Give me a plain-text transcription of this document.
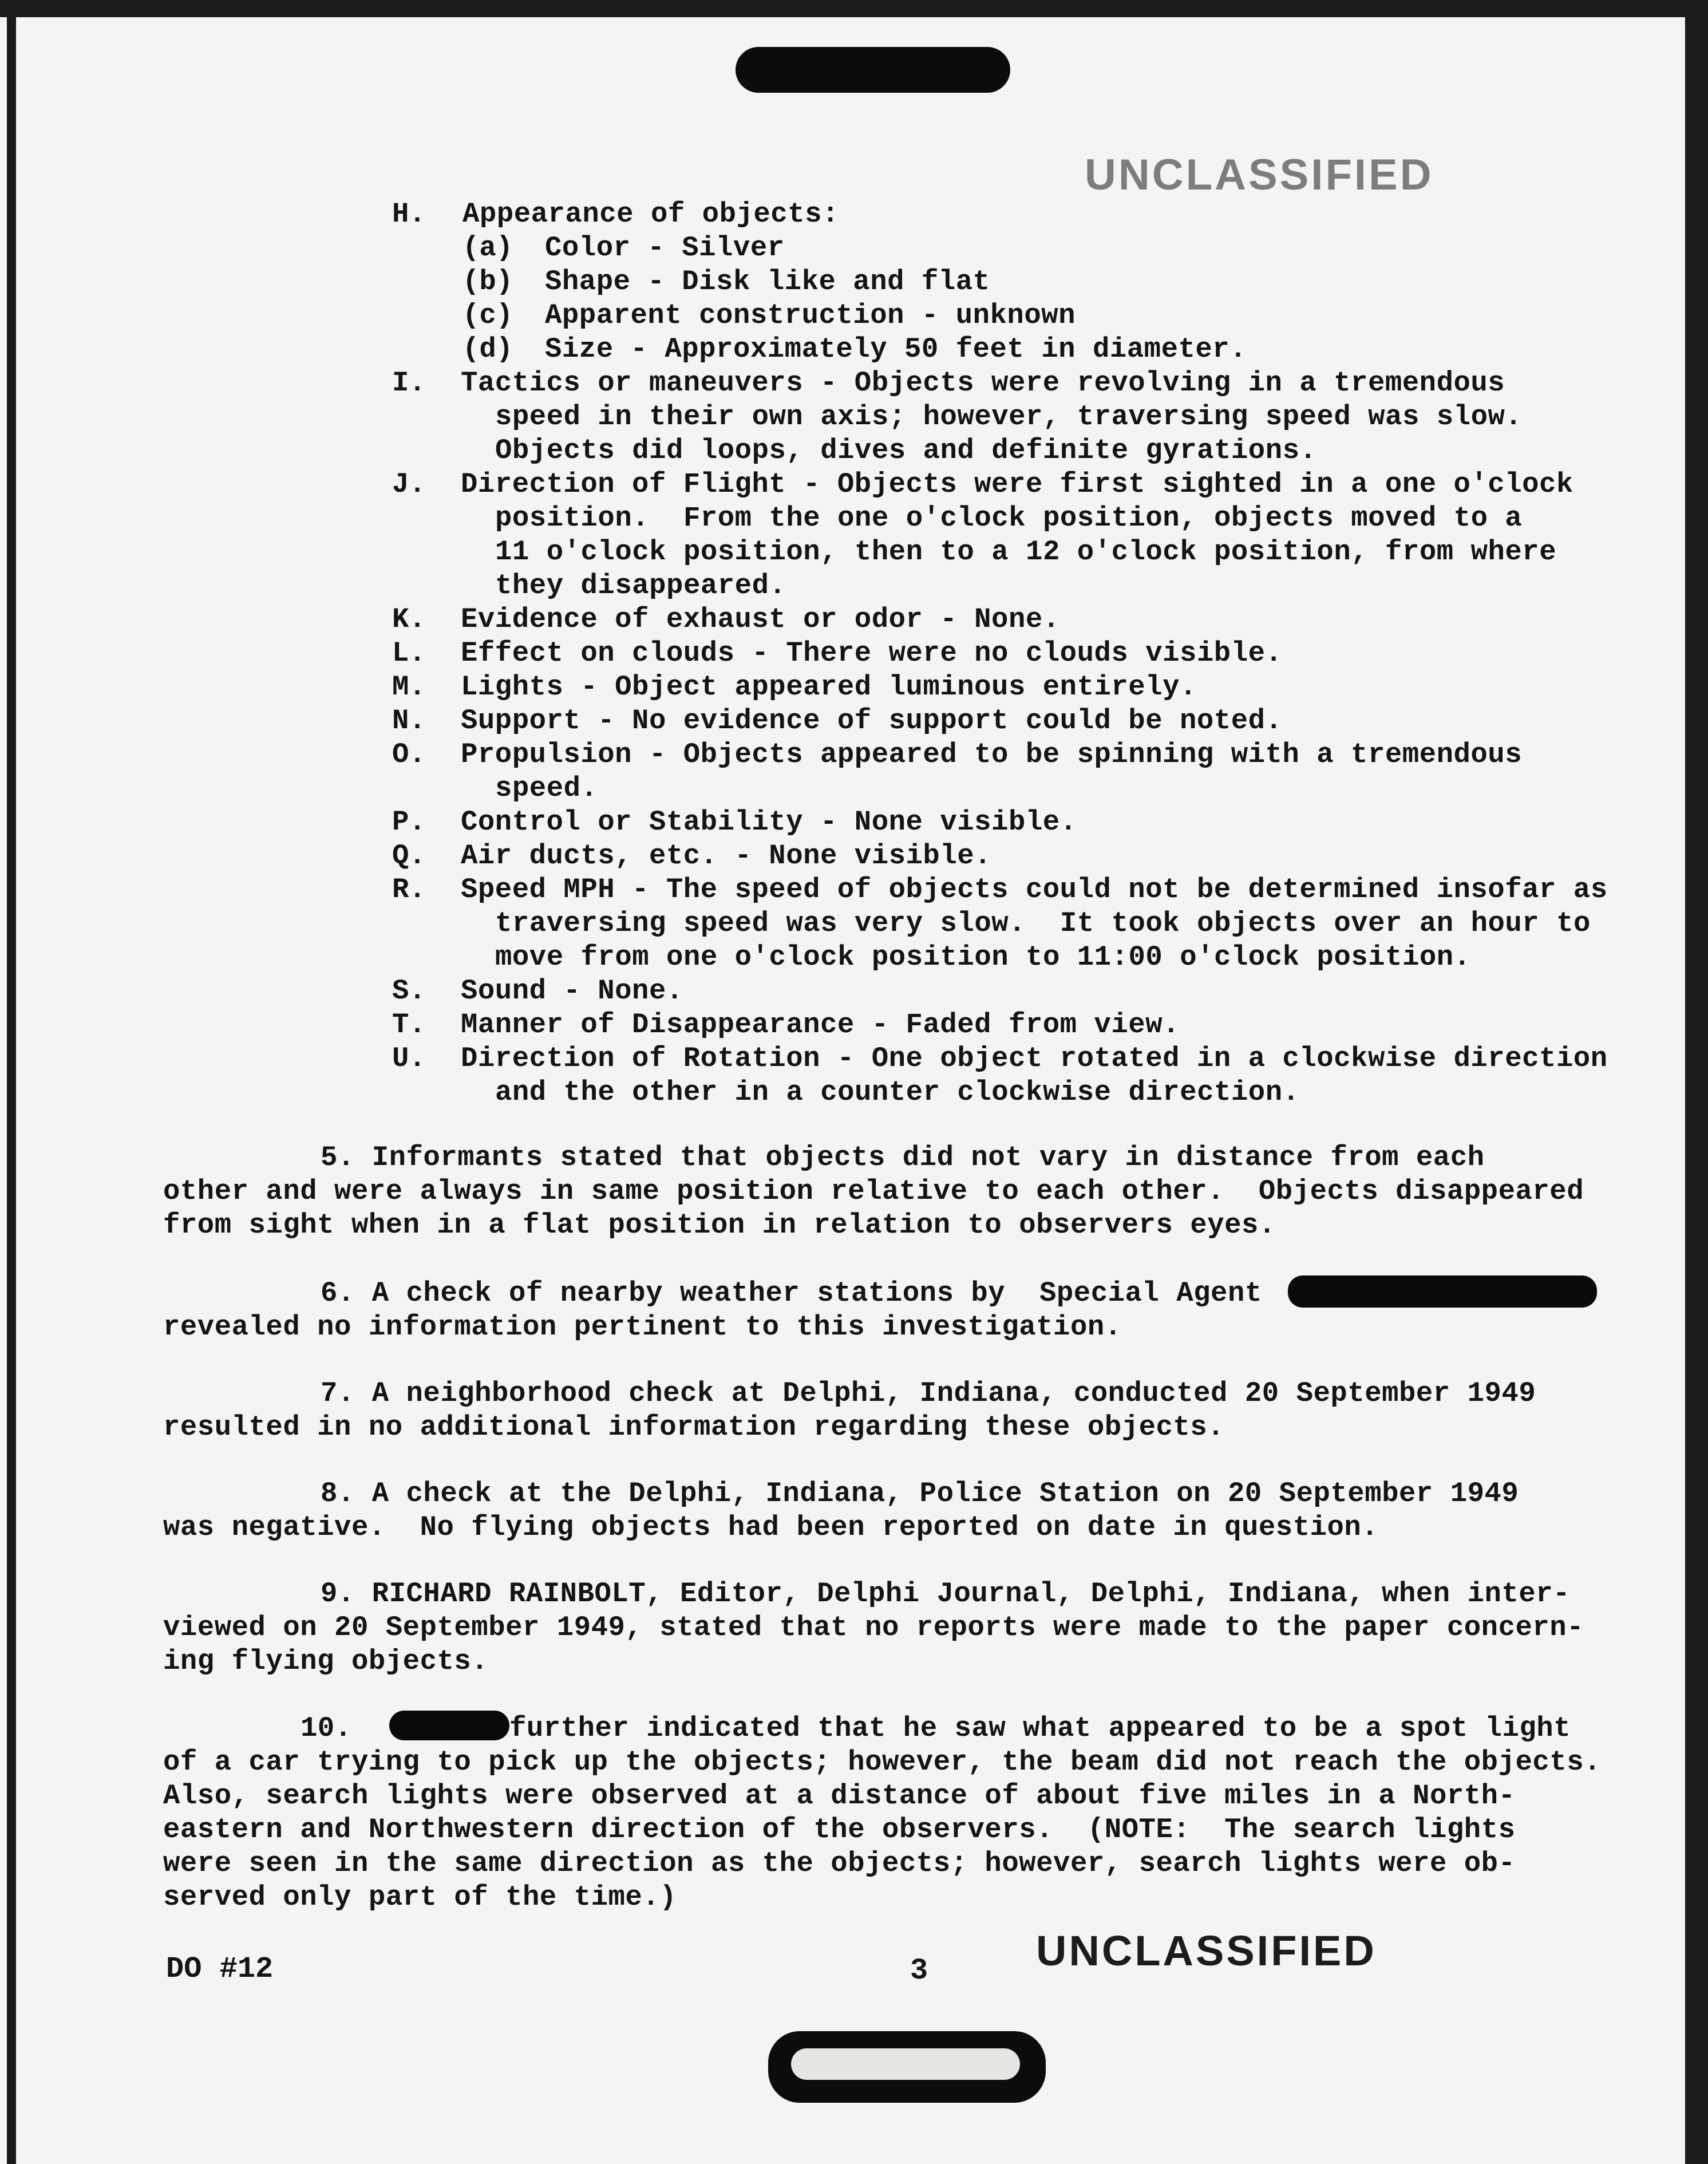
UNCLASSIFIED
H. Appearance of objects:
(a) Color - Silver
(b) Shape - Disk like and flat
(c) Apparent construction - unknown
(d) Size - Approximately 50 feet in diameter.
I. Tactics or maneuvers - Objects were revolving in a tremendous
speed in their own axis; however, traversing speed was slow.
Objects did loops, dives and definite gyrations.
J. Direction of Flight - Objects were first sighted in a one o'clock
position.  From the one o'clock position, objects moved to a
11 o'clock position, then to a 12 o'clock position, from where
they disappeared.
K. Evidence of exhaust or odor - None.
L. Effect on clouds - There were no clouds visible.
M. Lights - Object appeared luminous entirely.
N. Support - No evidence of support could be noted.
O. Propulsion - Objects appeared to be spinning with a tremendous
speed.
P. Control or Stability - None visible.
Q. Air ducts, etc. - None visible.
R. Speed MPH - The speed of objects could not be determined insofar as
traversing speed was very slow.  It took objects over an hour to
move from one o'clock position to 11:00 o'clock position.
S. Sound - None.
T. Manner of Disappearance - Faded from view.
U. Direction of Rotation - One object rotated in a clockwise direction
and the other in a counter clockwise direction.
5. Informants stated that objects did not vary in distance from each
other and were always in same position relative to each other.  Objects disappeared
from sight when in a flat position in relation to observers eyes.
6. A check of nearby weather stations by  Special Agent
revealed no information pertinent to this investigation.
7. A neighborhood check at Delphi, Indiana, conducted 20 September 1949
resulted in no additional information regarding these objects.
8. A check at the Delphi, Indiana, Police Station on 20 September 1949
was negative.  No flying objects had been reported on date in question.
9. RICHARD RAINBOLT, Editor, Delphi Journal, Delphi, Indiana, when inter-
viewed on 20 September 1949, stated that no reports were made to the paper concern-
ing flying objects.
10.	further indicated that he saw what appeared to be a spot light
of a car trying to pick up the objects; however, the beam did not reach the objects.
Also, search lights were observed at a distance of about five miles in a North-
eastern and Northwestern direction of the observers.  (NOTE:  The search lights
were seen in the same direction as the objects; however, search lights were ob-
served only part of the time.)
DO #12	3	UNCLASSIFIED
